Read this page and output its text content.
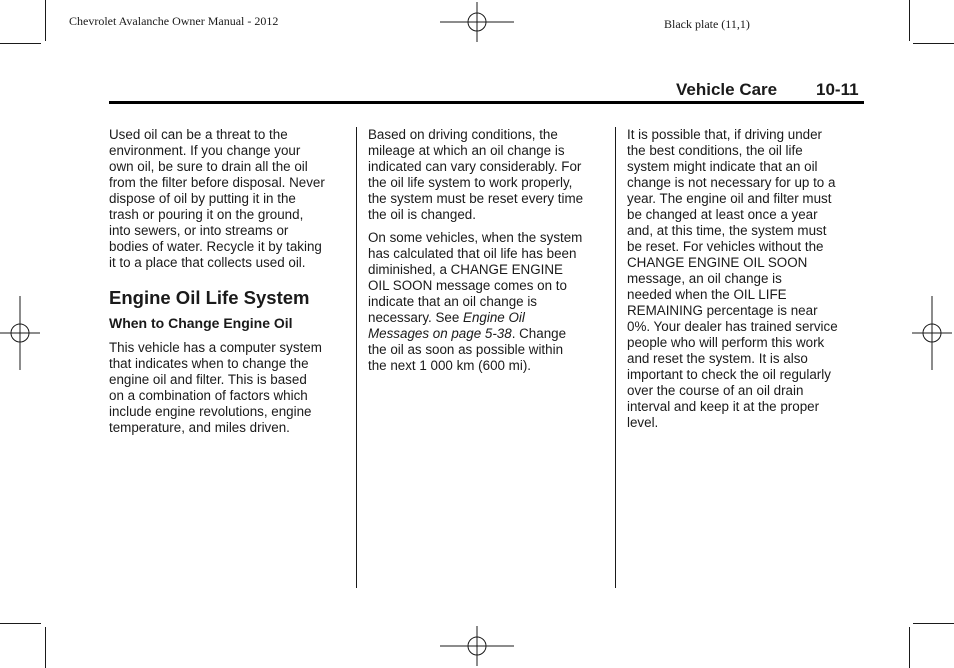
Chevrolet Avalanche Owner Manual - 2012	Black plate (11,1)
Vehicle Care 10-11

Used oil can be a threat to the
environment. If you change your
own oil, be sure to drain all the oil
from the filter before disposal. Never
dispose of oil by putting it in the
trash or pouring it on the ground,
into sewers, or into streams or
bodies of water. Recycle it by taking
it to a place that collects used oil.

Engine Oil Life System
When to Change Engine Oil

This vehicle has a computer system
that indicates when to change the
engine oil and filter. This is based
on a combination of factors which
include engine revolutions, engine
temperature, and miles driven.

Based on driving conditions, the
mileage at which an oil change is
indicated can vary considerably. For
the oil life system to work properly,
the system must be reset every time
the oil is changed.

On some vehicles, when the system
has calculated that oil life has been
diminished, a CHANGE ENGINE
OIL SOON message comes on to
indicate that an oil change is
necessary. See Engine Oil
Messages on page 5-38. Change
the oil as soon as possible within
the next 1 000 km (600 mi).

It is possible that, if driving under
the best conditions, the oil life
system might indicate that an oil
change is not necessary for up to a
year. The engine oil and filter must
be changed at least once a year
and, at this time, the system must
be reset. For vehicles without the
CHANGE ENGINE OIL SOON
message, an oil change is
needed when the OIL LIFE
REMAINING percentage is near
0%. Your dealer has trained service
people who will perform this work
and reset the system. It is also
important to check the oil regularly
over the course of an oil drain
interval and keep it at the proper
level.
